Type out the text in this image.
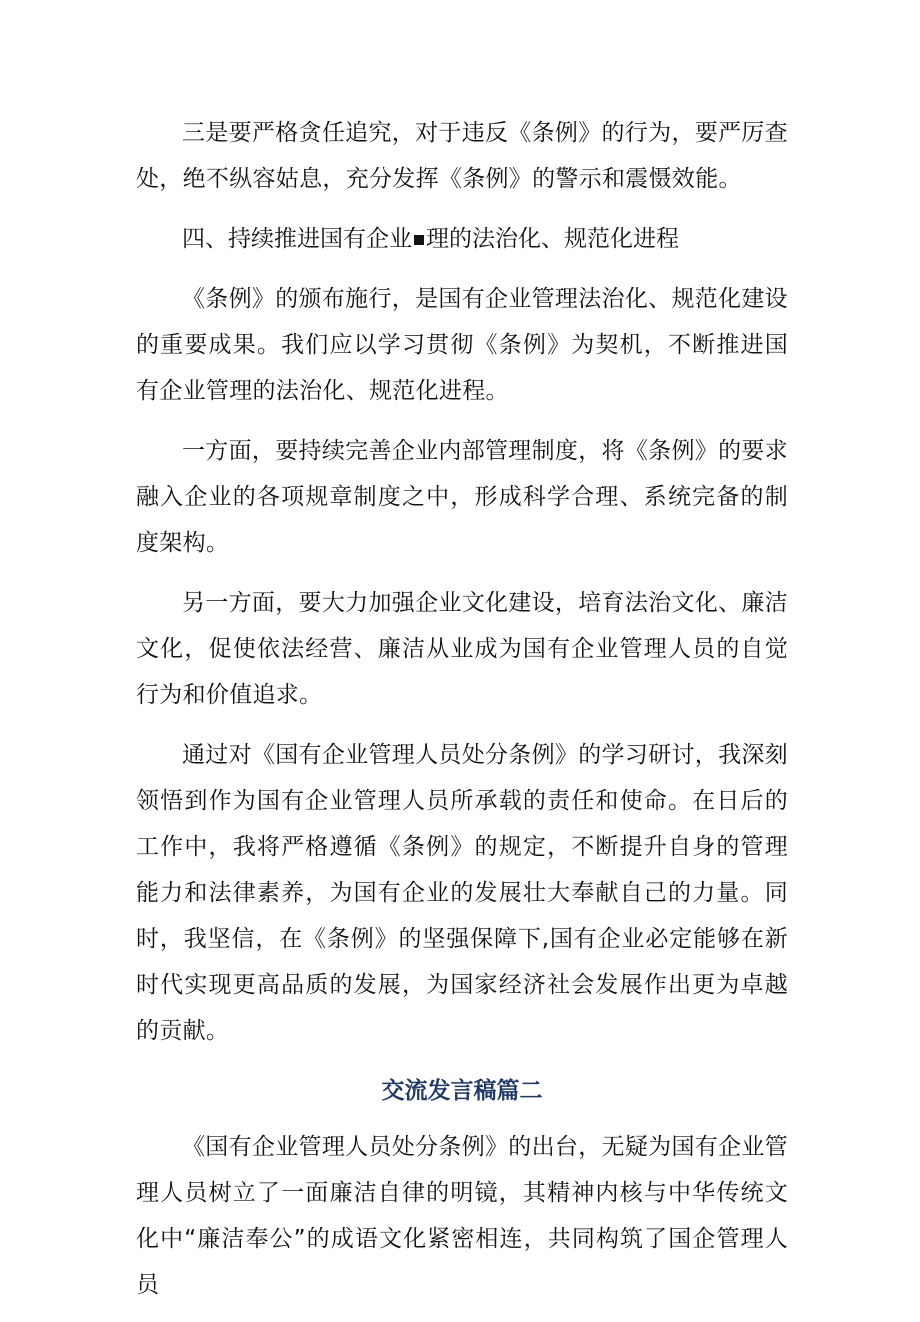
三是要严格贪任追究，对于违反《条例》的行为，要严厉查处，绝不纵容姑息，充分发挥《条例》的警示和震慑效能。

四、持续推进国有企业 理的法治化、规范化进程

《条例》的颁布施行，是国有企业管理法治化、规范化建设的重要成果。我们应以学习贯彻《条例》为契机，不断推进国有企业管理的法治化、规范化进程。

一方面，要持续完善企业内部管理制度，将《条例》的要求融入企业的各项规章制度之中，形成科学合理、系统完备的制度架构。

另一方面，要大力加强企业文化建设，培育法治文化、廉洁文化，促使依法经营、廉洁从业成为国有企业管理人员的自觉行为和价值追求。

通过对《国有企业管理人员处分条例》的学习研讨，我深刻领悟到作为国有企业管理人员所承载的责任和使命。在日后的工作中，我将严格遵循《条例》的规定，不断提升自身的管理能力和法律素养，为国有企业的发展壮大奉献自己的力量。同时，我坚信，在《条例》的坚强保障下,国有企业必定能够在新时代实现更高品质的发展，为国家经济社会发展作出更为卓越的贡献。

交流发言稿篇二

《国有企业管理人员处分条例》的出台，无疑为国有企业管理人员树立了一面廉洁自律的明镜，其精神内核与中华传统文化中“廉洁奉公”的成语文化紧密相连，共同构筑了国企管理人员
